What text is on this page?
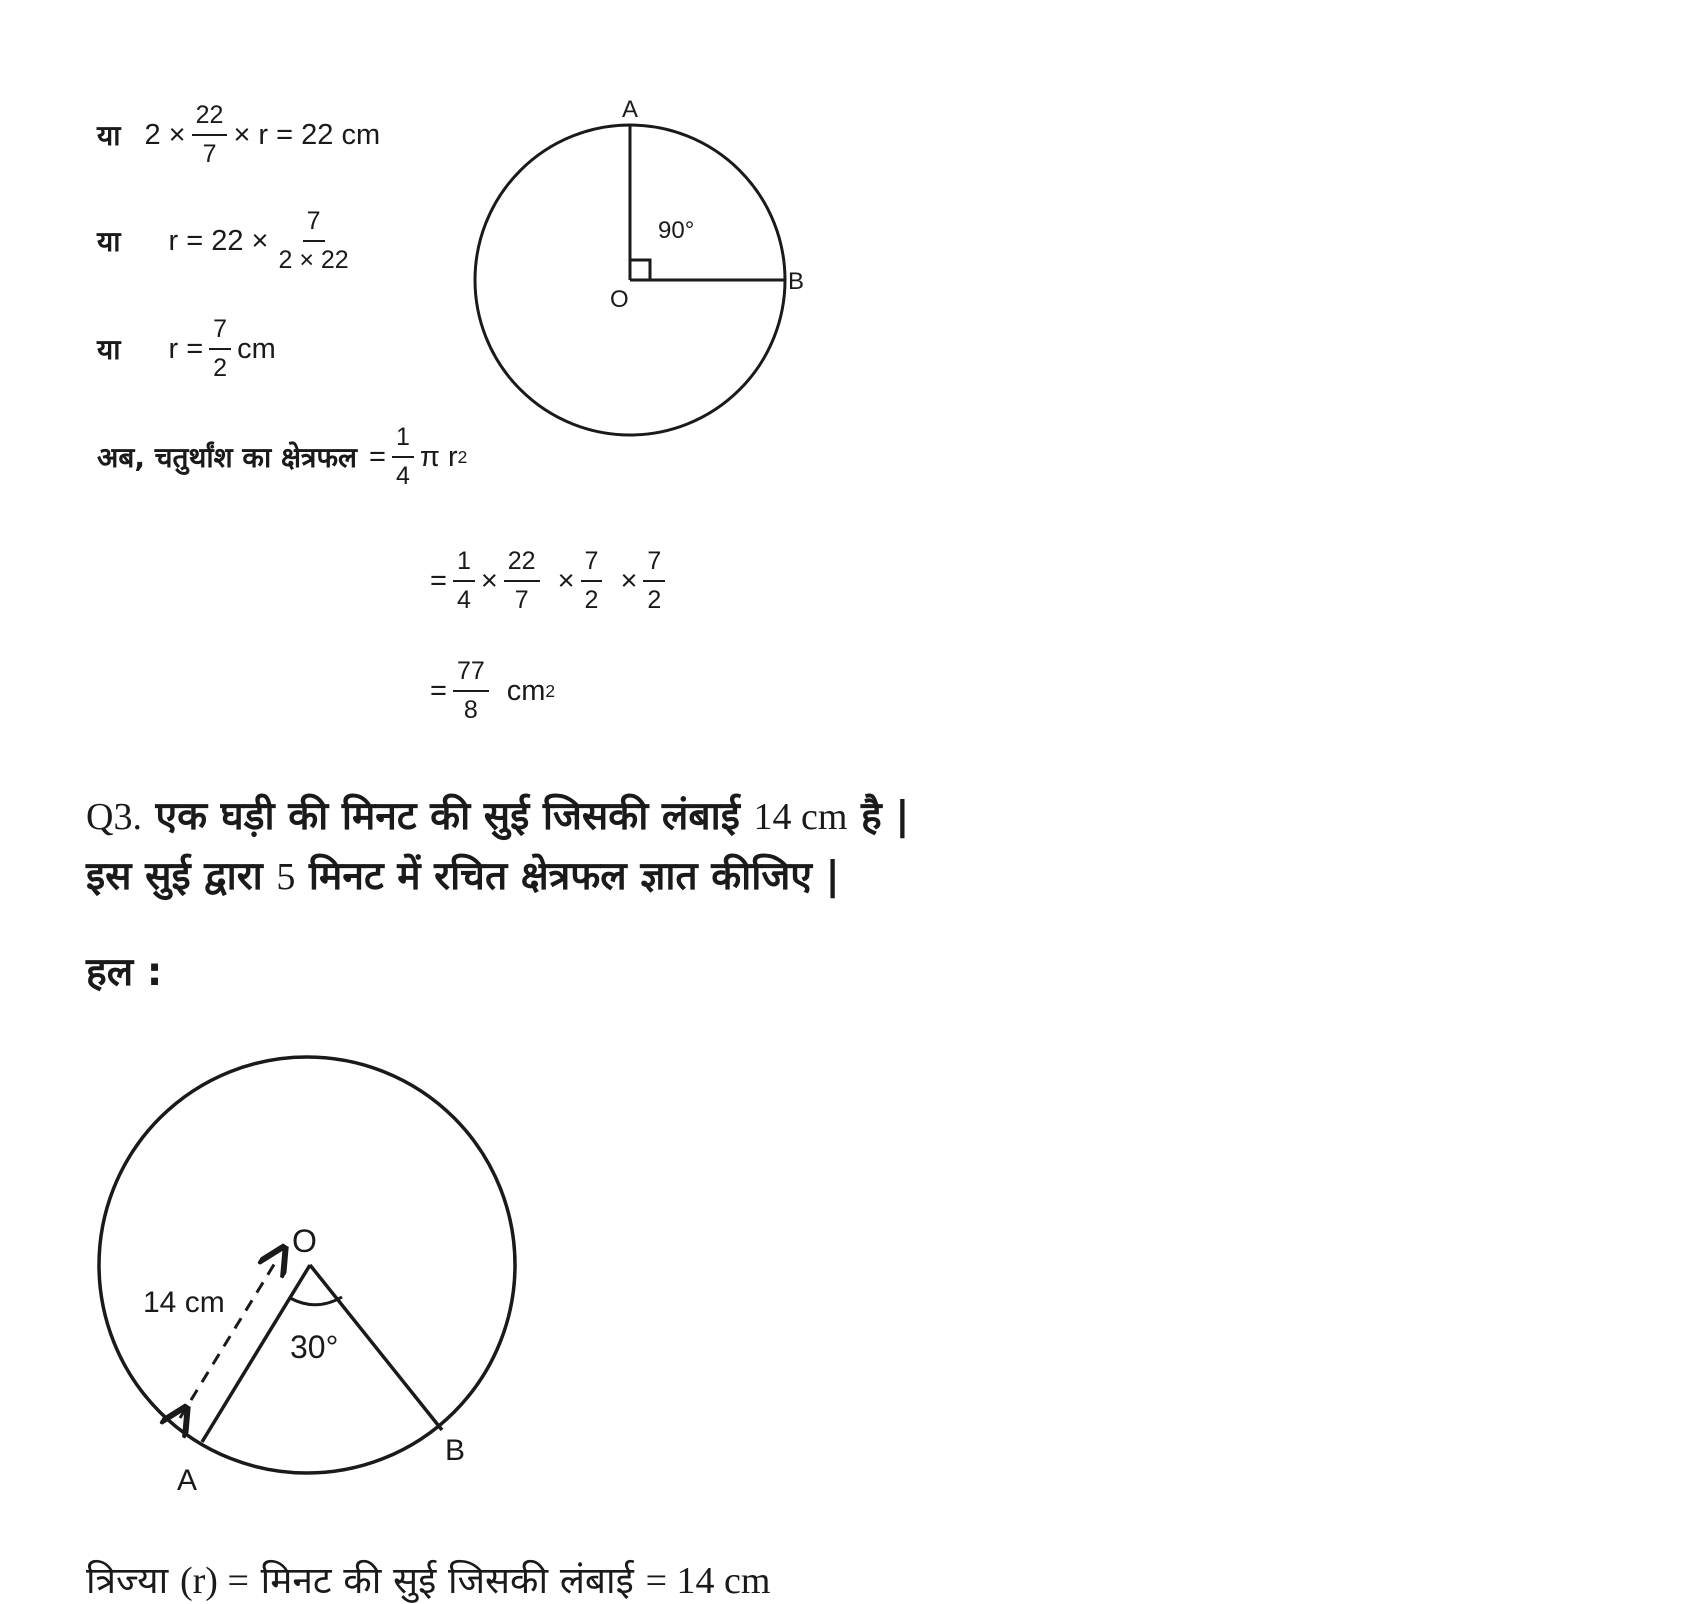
या $2 \times \frac{22}{7} \times r = 22$ cm
या $r = 22 \times \frac{7}{2 \times 22}$
या $r = \frac{7}{2}$ cm
अब, चतुर्थांश का क्षेत्रफल = $\frac{1}{4}$ π r 2
= $\frac{1}{4} \times \frac{22}{7} \times \frac{7}{2} \times \frac{7}{2}$
= $\frac{77}{8}$ cm 2
A
B
O
90°
Q3. एक घड़ी की मिनट की सुई जिसकी लंबाई 14 cm है |
इस सुई द्वारा 5 मिनट में रचित क्षेत्रफल ज्ञात कीजिए |
हल :
O
A
B
14 cm
30°
त्रिज्या (r) = मिनट की सुई जिसकी लंबाई = 14 cm
